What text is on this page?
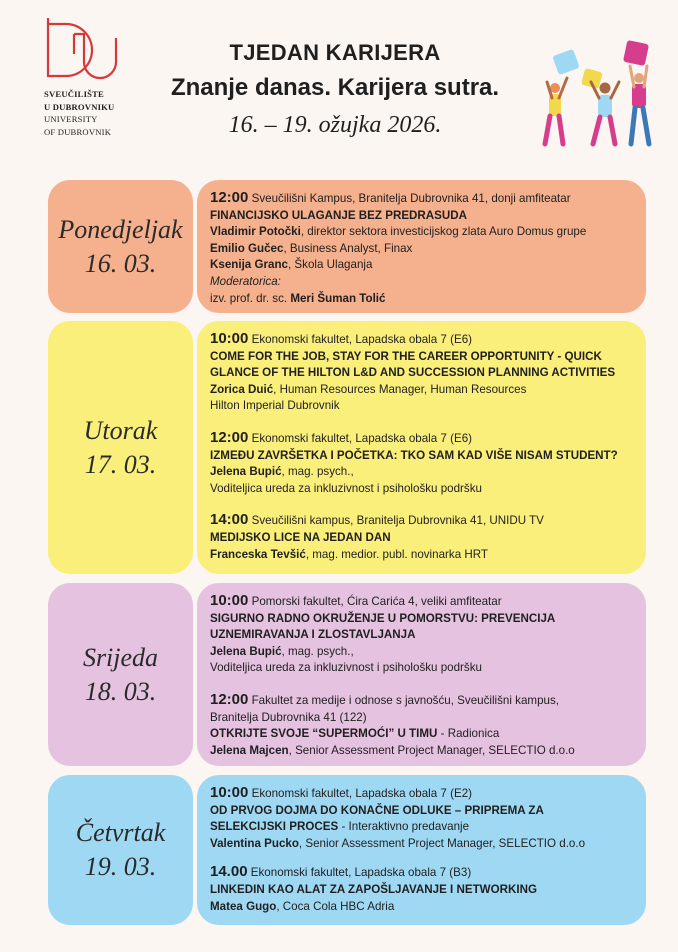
SVEUČILIŠTE
U DUBROVNIKU
UNIVERSITY
OF DUBROVNIK
TJEDAN KARIJERA
Znanje danas. Karijera sutra.
16. – 19. ožujka 2026.
Ponedjeljak
16. 03.
12:00 Sveučilišni Kampus, Branitelja Dubrovnika 41, donji amfiteatar
FINANCIJSKO ULAGANJE BEZ PREDRASUDA
Vladimir Potočki, direktor sektora investicijskog zlata Auro Domus grupe
Emilio Gučec, Business Analyst, Finax
Ksenija Granc, Škola Ulaganja
Moderatorica:
izv. prof. dr. sc. Meri Šuman Tolić
Utorak
17. 03.
10:00 Ekonomski fakultet, Lapadska obala 7 (E6)
COME FOR THE JOB, STAY FOR THE CAREER OPPORTUNITY - QUICK
GLANCE OF THE HILTON L&D AND SUCCESSION PLANNING ACTIVITIES
Zorica Duić, Human Resources Manager, Human Resources
Hilton Imperial Dubrovnik
12:00 Ekonomski fakultet, Lapadska obala 7 (E6)
IZMEĐU ZAVRŠETKA I POČETKA: TKO SAM KAD VIŠE NISAM STUDENT?
Jelena Bupić, mag. psych.,
Voditeljica ureda za inkluzivnost i psihološku podršku
14:00 Sveučilišni kampus, Branitelja Dubrovnika 41, UNIDU TV
MEDIJSKO LICE NA JEDAN DAN
Franceska Tevšić, mag. medior. publ. novinarka HRT
Srijeda
18. 03.
10:00 Pomorski fakultet, Ćira Carića 4, veliki amfiteatar
SIGURNO RADNO OKRUŽENJE U POMORSTVU: PREVENCIJA
UZNEMIRAVANJA I ZLOSTAVLJANJA
Jelena Bupić, mag. psych.,
Voditeljica ureda za inkluzivnost i psihološku podršku
12:00 Fakultet za medije i odnose s javnošću, Sveučilišni kampus,
Branitelja Dubrovnika 41 (122)
OTKRIJTE SVOJE “SUPERMOĆI” U TIMU - Radionica
Jelena Majcen, Senior Assessment Project Manager, SELECTIO d.o.o
Četvrtak
19. 03.
10:00 Ekonomski fakultet, Lapadska obala 7 (E2)
OD PRVOG DOJMA DO KONAČNE ODLUKE – PRIPREMA ZA
SELEKCIJSKI PROCES - Interaktivno predavanje
Valentina Pucko, Senior Assessment Project Manager, SELECTIO d.o.o
14.00 Ekonomski fakultet, Lapadska obala 7 (B3)
LINKEDIN KAO ALAT ZA ZAPOŠLJAVANJE I NETWORKING
Matea Gugo, Coca Cola HBC Adria
